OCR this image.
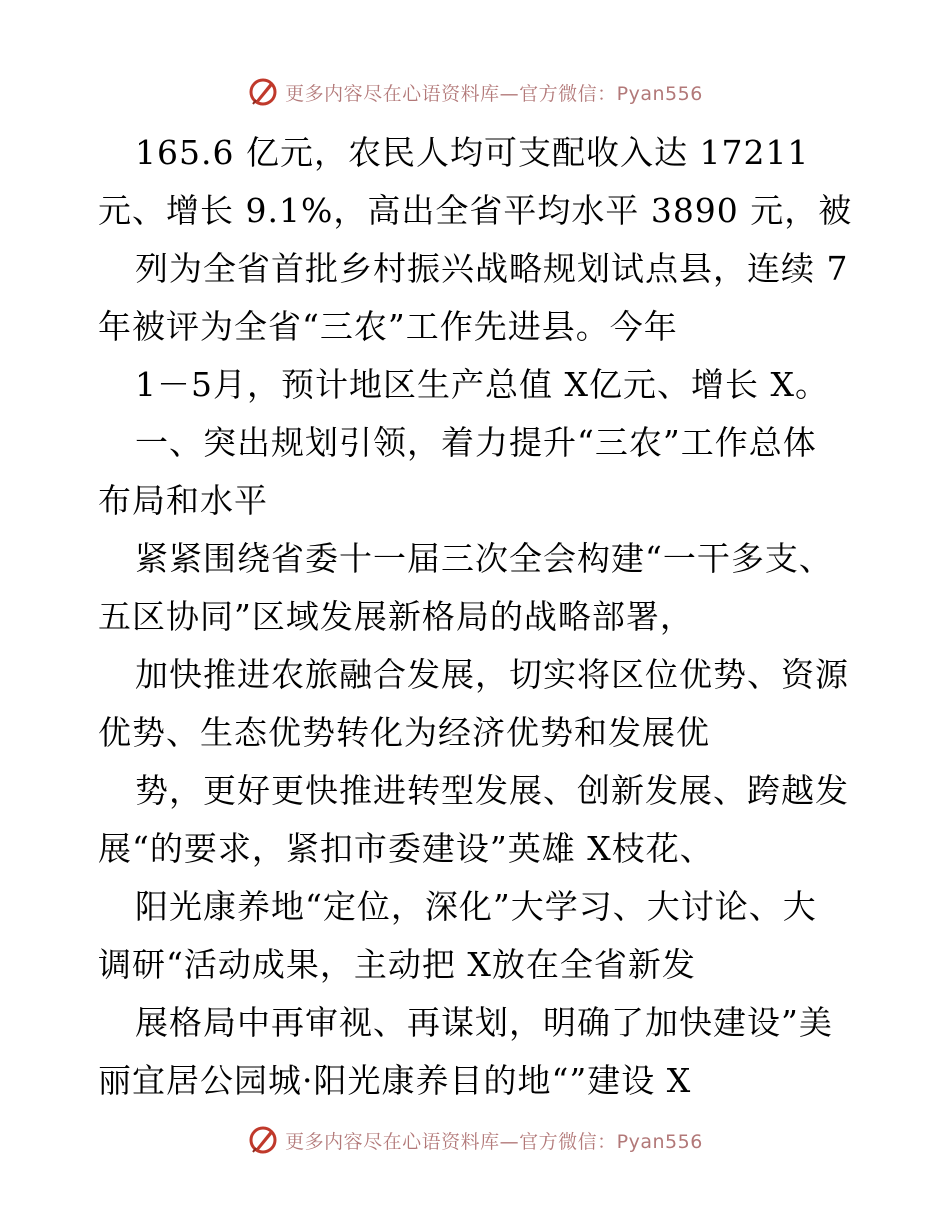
更多内容尽在心语资料库—官方微信：Pyan556
165.6 亿元，农民人均可支配收入达 17211
元、增长 9.1%，高出全省平均水平 3890 元，被
列为全省首批乡村振兴战略规划试点县，连续 7
年被评为全省“三农”工作先进县。今年
1－5月，预计地区生产总值 X亿元、增长 X。
一、突出规划引领，着力提升“三农”工作总体
布局和水平
紧紧围绕省委十一届三次全会构建“一干多支、
五区协同”区域发展新格局的战略部署，
加快推进农旅融合发展，切实将区位优势、资源
优势、生态优势转化为经济优势和发展优
势，更好更快推进转型发展、创新发展、跨越发
展“的要求，紧扣市委建设”英雄 X枝花、
阳光康养地“定位，深化”大学习、大讨论、大
调研“活动成果，主动把 X放在全省新发
展格局中再审视、再谋划，明确了加快建设”美
丽宜居公园城·阳光康养目的地“”建设 X
更多内容尽在心语资料库—官方微信：Pyan556
